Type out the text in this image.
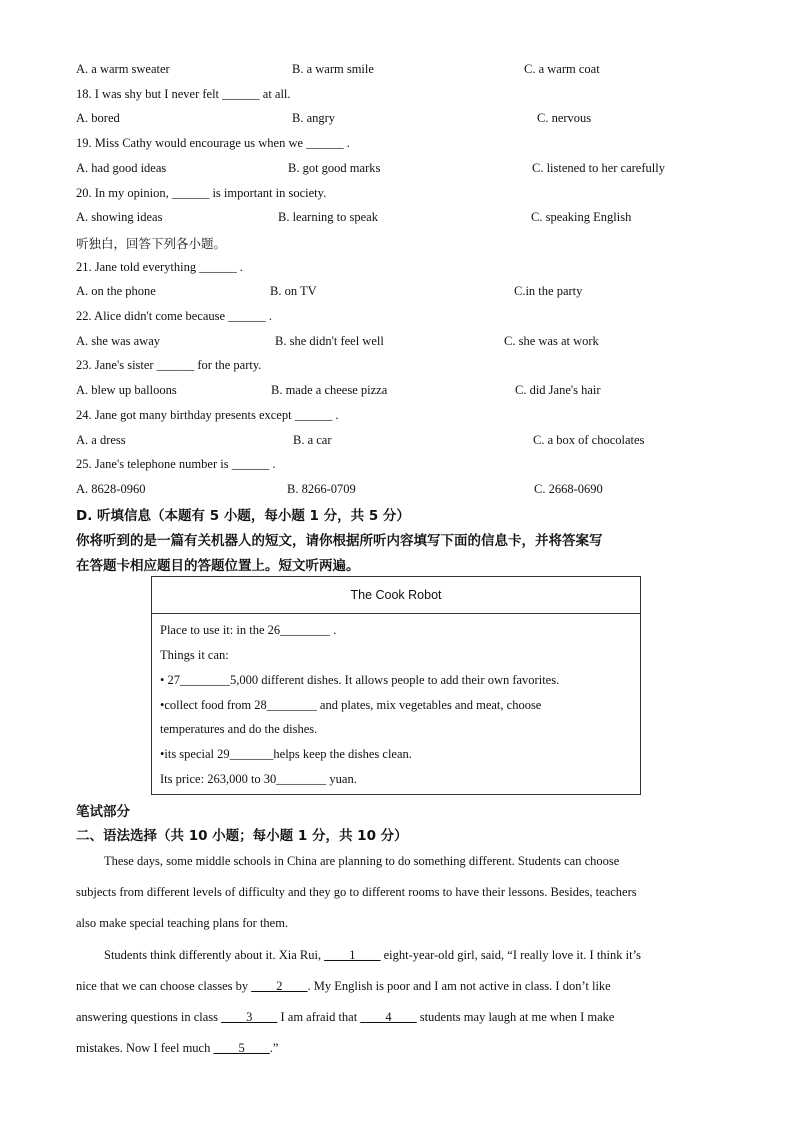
A. a warm sweater	B. a warm smile	C. a warm coat
18. I was shy but I never felt ______ at all.
A. bored	B. angry	C. nervous
19. Miss Cathy would encourage us when we ______ .
A. had good ideas	B. got good marks	C. listened to her carefully
20. In my opinion, ______ is important in society.
A. showing ideas	B. learning to speak	C. speaking English
听独白，回答下列各小题。
21. Jane told everything ______ .
A. on the phone	B. on TV	C.in the party
22. Alice didn't come because ______ .
A. she was away	B. she didn't feel well	C. she was at work
23. Jane's sister ______ for the party.
A. blew up balloons	B. made a cheese pizza	C. did Jane's hair
24. Jane got many birthday presents except ______ .
A. a dress	B. a car	C. a box of chocolates
25. Jane's telephone number is ______ .
A. 8628-0960	B. 8266-0709	C. 2668-0690
D. 听填信息（本题有 5 小题，每小题 1 分，共 5 分）
你将听到的是一篇有关机器人的短文，请你根据所听内容填写下面的信息卡，并将答案写
在答题卡相应题目的答题位置上。短文听两遍。
The Cook Robot
Place to use it: in the 26________ .
Things it can:
• 27________5,000 different dishes. It allows people to add their own favorites.
•collect food from 28________ and plates, mix vegetables and meat, choose
temperatures and do the dishes.
•its special 29_______helps keep the dishes clean.
Its price: 263,000 to 30________ yuan.
笔试部分
二、语法选择（共 10 小题；每小题 1 分，共 10 分）
These days, some middle schools in China are planning to do something different. Students can choose
subjects from different levels of difficulty and they go to different rooms to have their lessons. Besides, teachers
also make special teaching plans for them.
Students think differently about it. Xia Rui, ____1____ eight-year-old girl, said, “I really love it. I think it’s
nice that we can choose classes by ____2____. My English is poor and I am not active in class. I don’t like
answering questions in class ____3____ I am afraid that ____4____ students may laugh at me when I make
mistakes. Now I feel much ____5____.”
